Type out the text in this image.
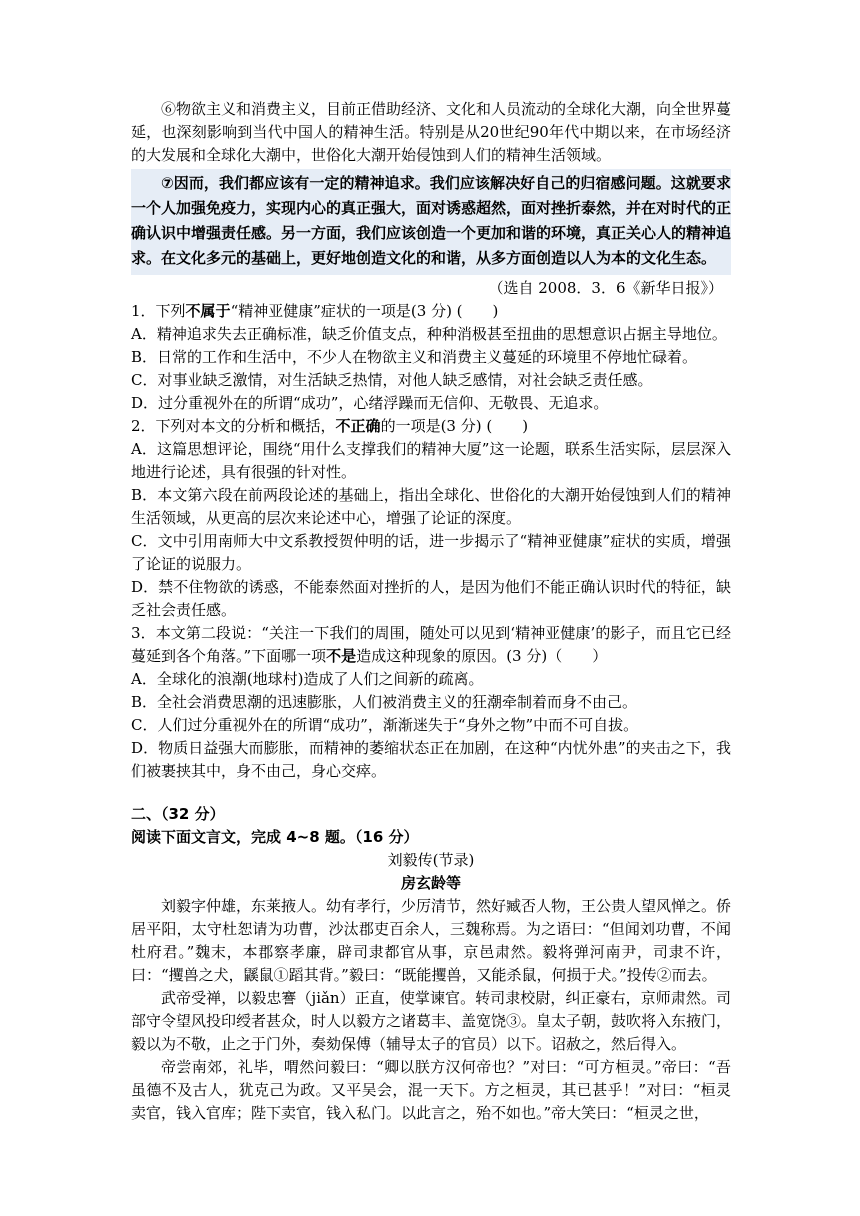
⑥物欲主义和消费主义，目前正借助经济、文化和人员流动的全球化大潮，向全世界蔓延，也深刻影响到当代中国人的精神生活。特别是从20世纪90年代中期以来，在市场经济的大发展和全球化大潮中，世俗化大潮开始侵蚀到人们的精神生活领域。

⑦因而，我们都应该有一定的精神追求。我们应该解决好自己的归宿感问题。这就要求一个人加强免疫力，实现内心的真正强大，面对诱惑超然，面对挫折泰然，并在对时代的正确认识中增强责任感。另一方面，我们应该创造一个更加和谐的环境，真正关心人的精神追求。在文化多元的基础上，更好地创造文化的和谐，从多方面创造以人为本的文化生态。

（选自 2008．3．6《新华日报》）

1．下列不属于“精神亚健康”症状的一项是(3 分) (　　)

A．精神追求失去正确标准，缺乏价值支点，种种消极甚至扭曲的思想意识占据主导地位。

B．日常的工作和生活中，不少人在物欲主义和消费主义蔓延的环境里不停地忙碌着。

C．对事业缺乏激情，对生活缺乏热情，对他人缺乏感情，对社会缺乏责任感。

D．过分重视外在的所谓“成功”，心绪浮躁而无信仰、无敬畏、无追求。

2．下列对本文的分析和概括，不正确的一项是(3 分) (　　)

A．这篇思想评论，围绕“用什么支撑我们的精神大厦”这一论题，联系生活实际，层层深入地进行论述，具有很强的针对性。

B．本文第六段在前两段论述的基础上，指出全球化、世俗化的大潮开始侵蚀到人们的精神生活领域，从更高的层次来论述中心，增强了论证的深度。

C．文中引用南师大中文系教授贺仲明的话，进一步揭示了“精神亚健康”症状的实质，增强了论证的说服力。

D．禁不住物欲的诱惑，不能泰然面对挫折的人，是因为他们不能正确认识时代的特征，缺乏社会责任感。

3．本文第二段说：“关注一下我们的周围，随处可以见到‘精神亚健康’的影子，而且它已经蔓延到各个角落。”下面哪一项不是造成这种现象的原因。(3 分)（　　）

A．全球化的浪潮(地球村)造成了人们之间新的疏离。

B．全社会消费思潮的迅速膨胀，人们被消费主义的狂潮牵制着而身不由己。

C．人们过分重视外在的所谓“成功”，渐渐迷失于“身外之物”中而不可自拔。

D．物质日益强大而膨胀，而精神的萎缩状态正在加剧，在这种“内忧外患”的夹击之下，我们被裹挟其中，身不由己，身心交瘁。

二、（32 分）

阅读下面文言文，完成 4~8 题。（16 分）

刘毅传(节录)

房玄龄等

刘毅字仲雄，东莱掖人。幼有孝行，少厉清节，然好臧否人物，王公贵人望风惮之。侨居平阳，太守杜恕请为功曹，沙汰郡吏百余人，三魏称焉。为之语曰：“但闻刘功曹，不闻杜府君。”魏末，本郡察孝廉，辟司隶都官从事，京邑肃然。毅将弹河南尹，司隶不许，曰：“攫兽之犬，鼷鼠①蹈其背。”毅曰：“既能攫兽，又能杀鼠，何损于犬。”投传②而去。

武帝受禅，以毅忠謇（jiǎn）正直，使掌谏官。转司隶校尉，纠正豪右，京师肃然。司部守令望风投印绶者甚众，时人以毅方之诸葛丰、盖宽饶③。皇太子朝，鼓吹将入东掖门，毅以为不敬，止之于门外，奏劾保傅（辅导太子的官员）以下。诏赦之，然后得入。

帝尝南郊，礼毕，喟然问毅曰：“卿以朕方汉何帝也？”对曰：“可方桓灵。”帝曰：“吾虽德不及古人，犹克己为政。又平吴会，混一天下。方之桓灵，其已甚乎！”对曰：“桓灵卖官，钱入官库；陛下卖官，钱入私门。以此言之，殆不如也。”帝大笑曰：“桓灵之世，
